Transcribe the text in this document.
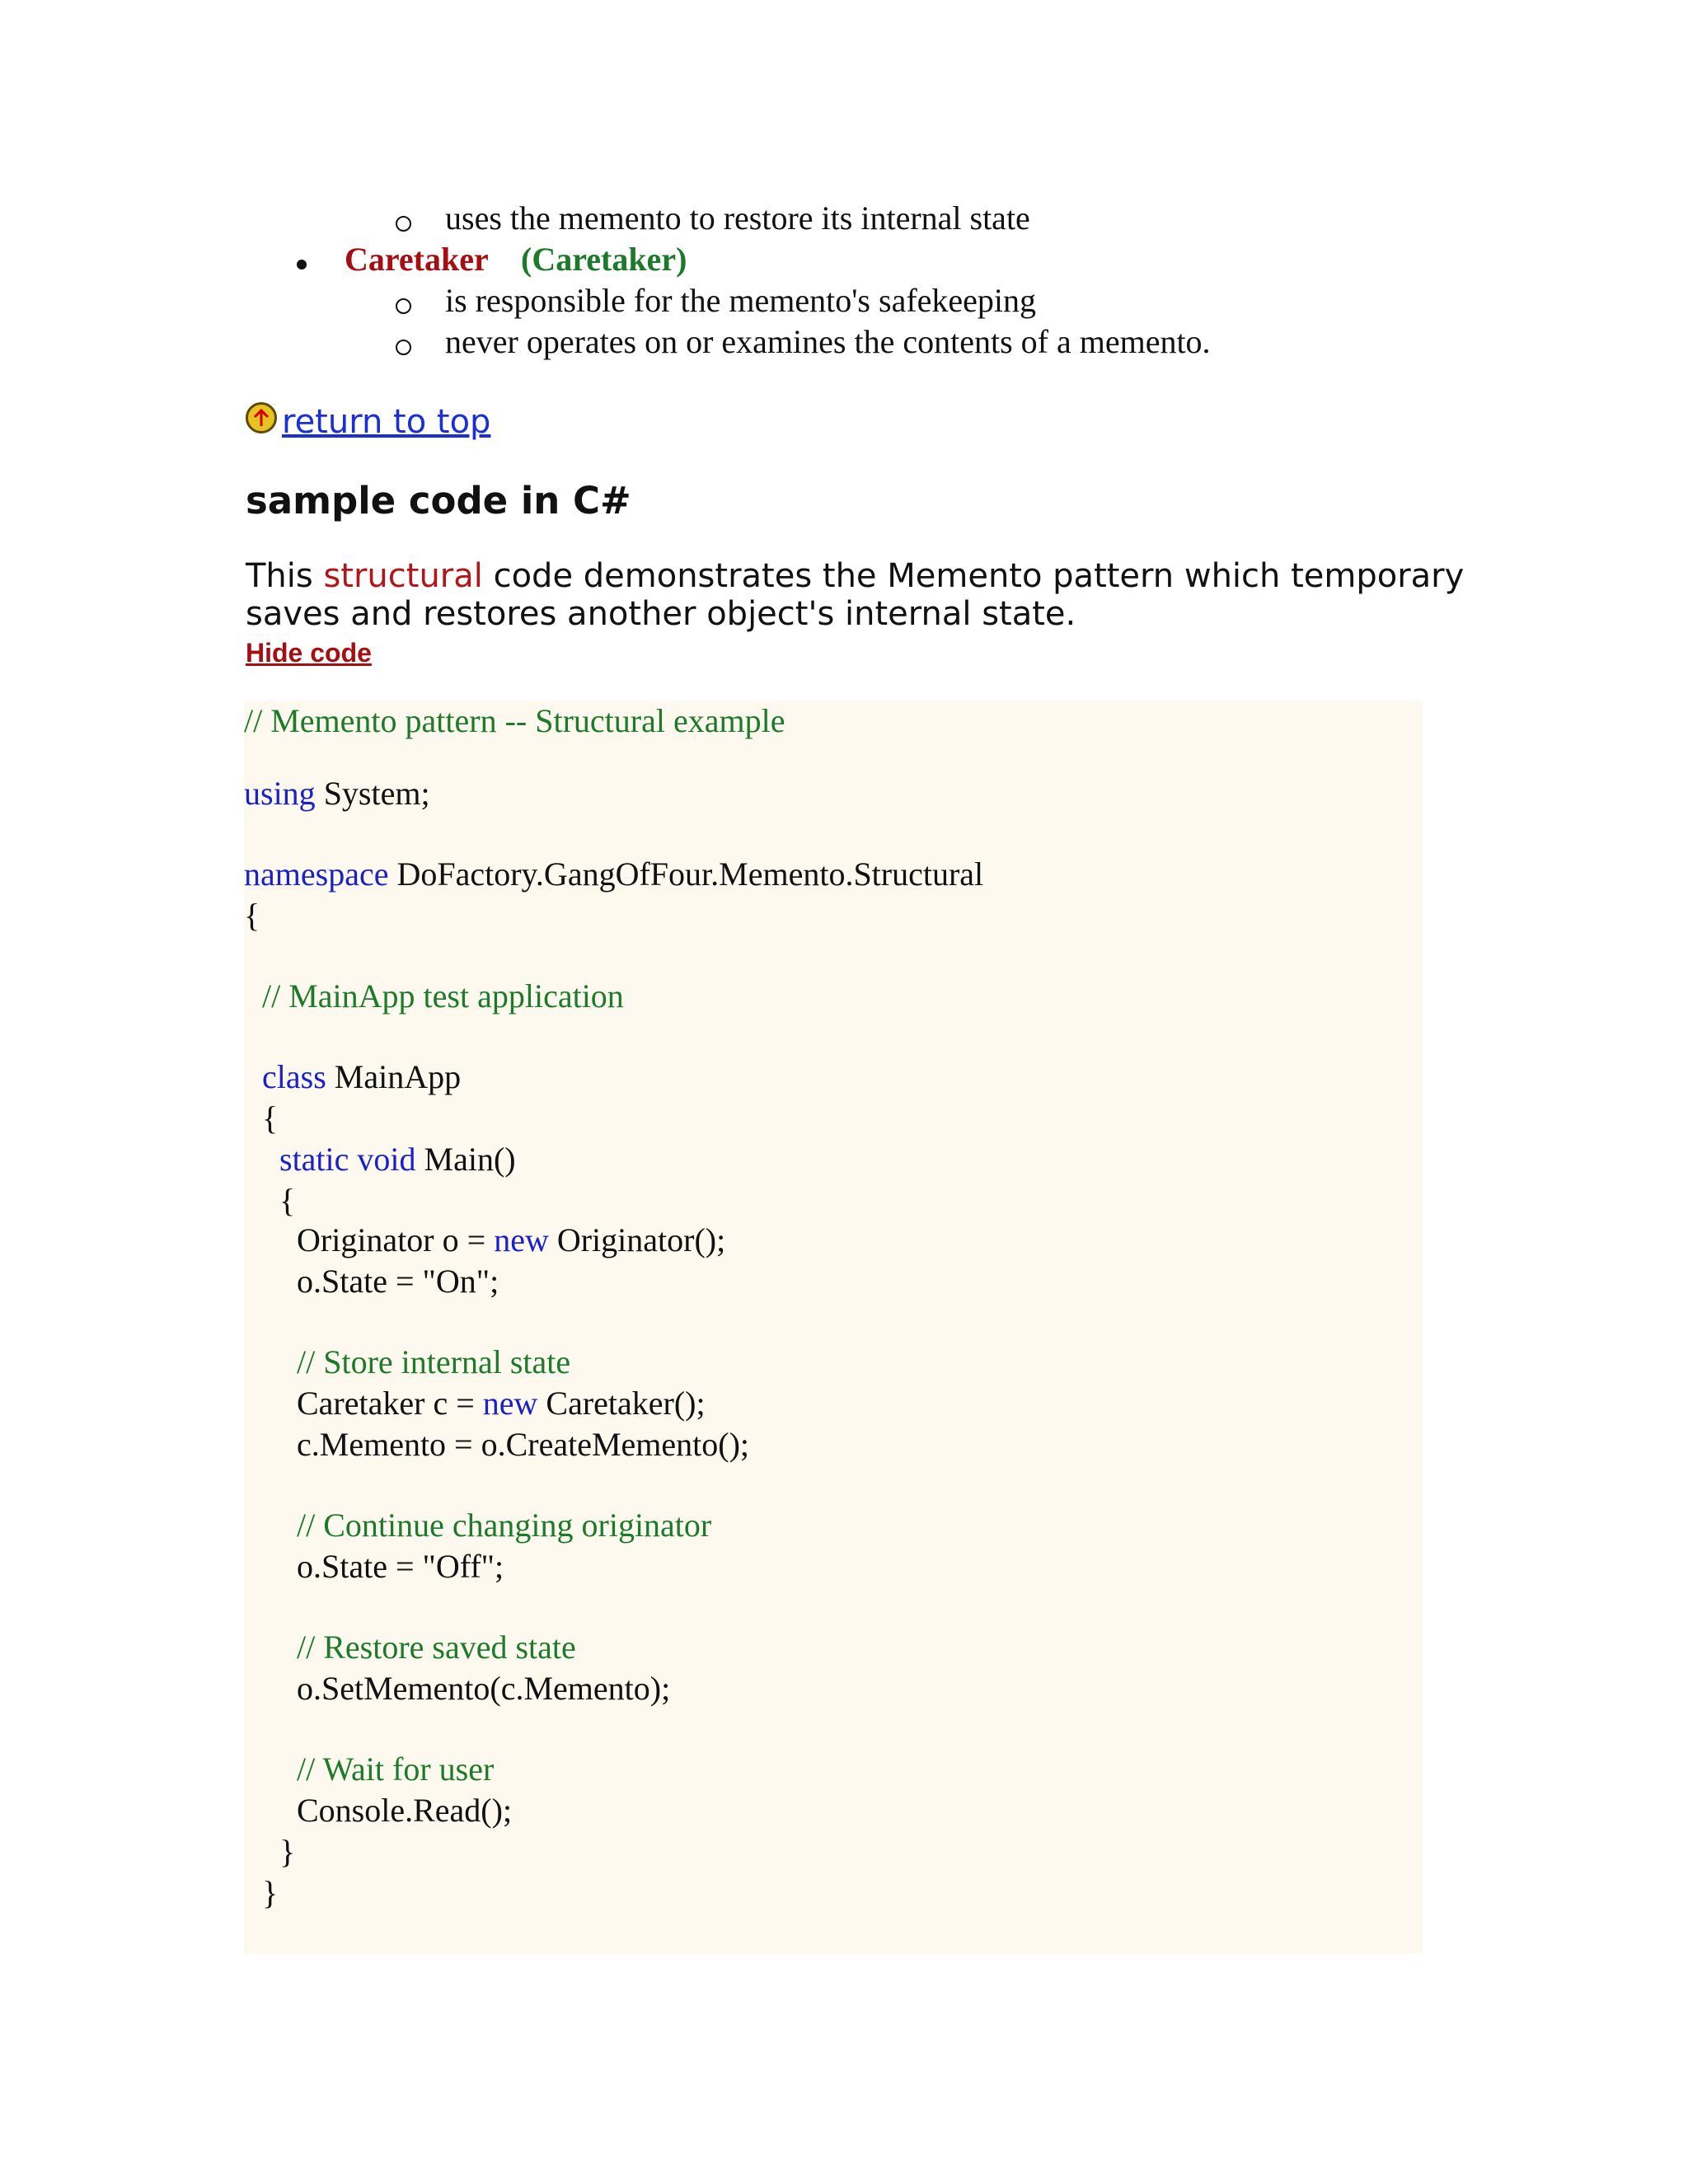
uses the memento to restore its internal state
Caretaker (Caretaker)
is responsible for the memento's safekeeping
never operates on or examines the contents of a memento.
return to top
sample code in C#
This structural code demonstrates the Memento pattern which temporary saves and restores another object's internal state.
Hide code
// Memento pattern -- Structural example
using System;
namespace DoFactory.GangOfFour.Memento.Structural
{
// MainApp test application
class MainApp
{
static void Main()
{
Originator o = new Originator();
o.State = "On";
// Store internal state
Caretaker c = new Caretaker();
c.Memento = o.CreateMemento();
// Continue changing originator
o.State = "Off";
// Restore saved state
o.SetMemento(c.Memento);
// Wait for user
Console.Read();
}
}
